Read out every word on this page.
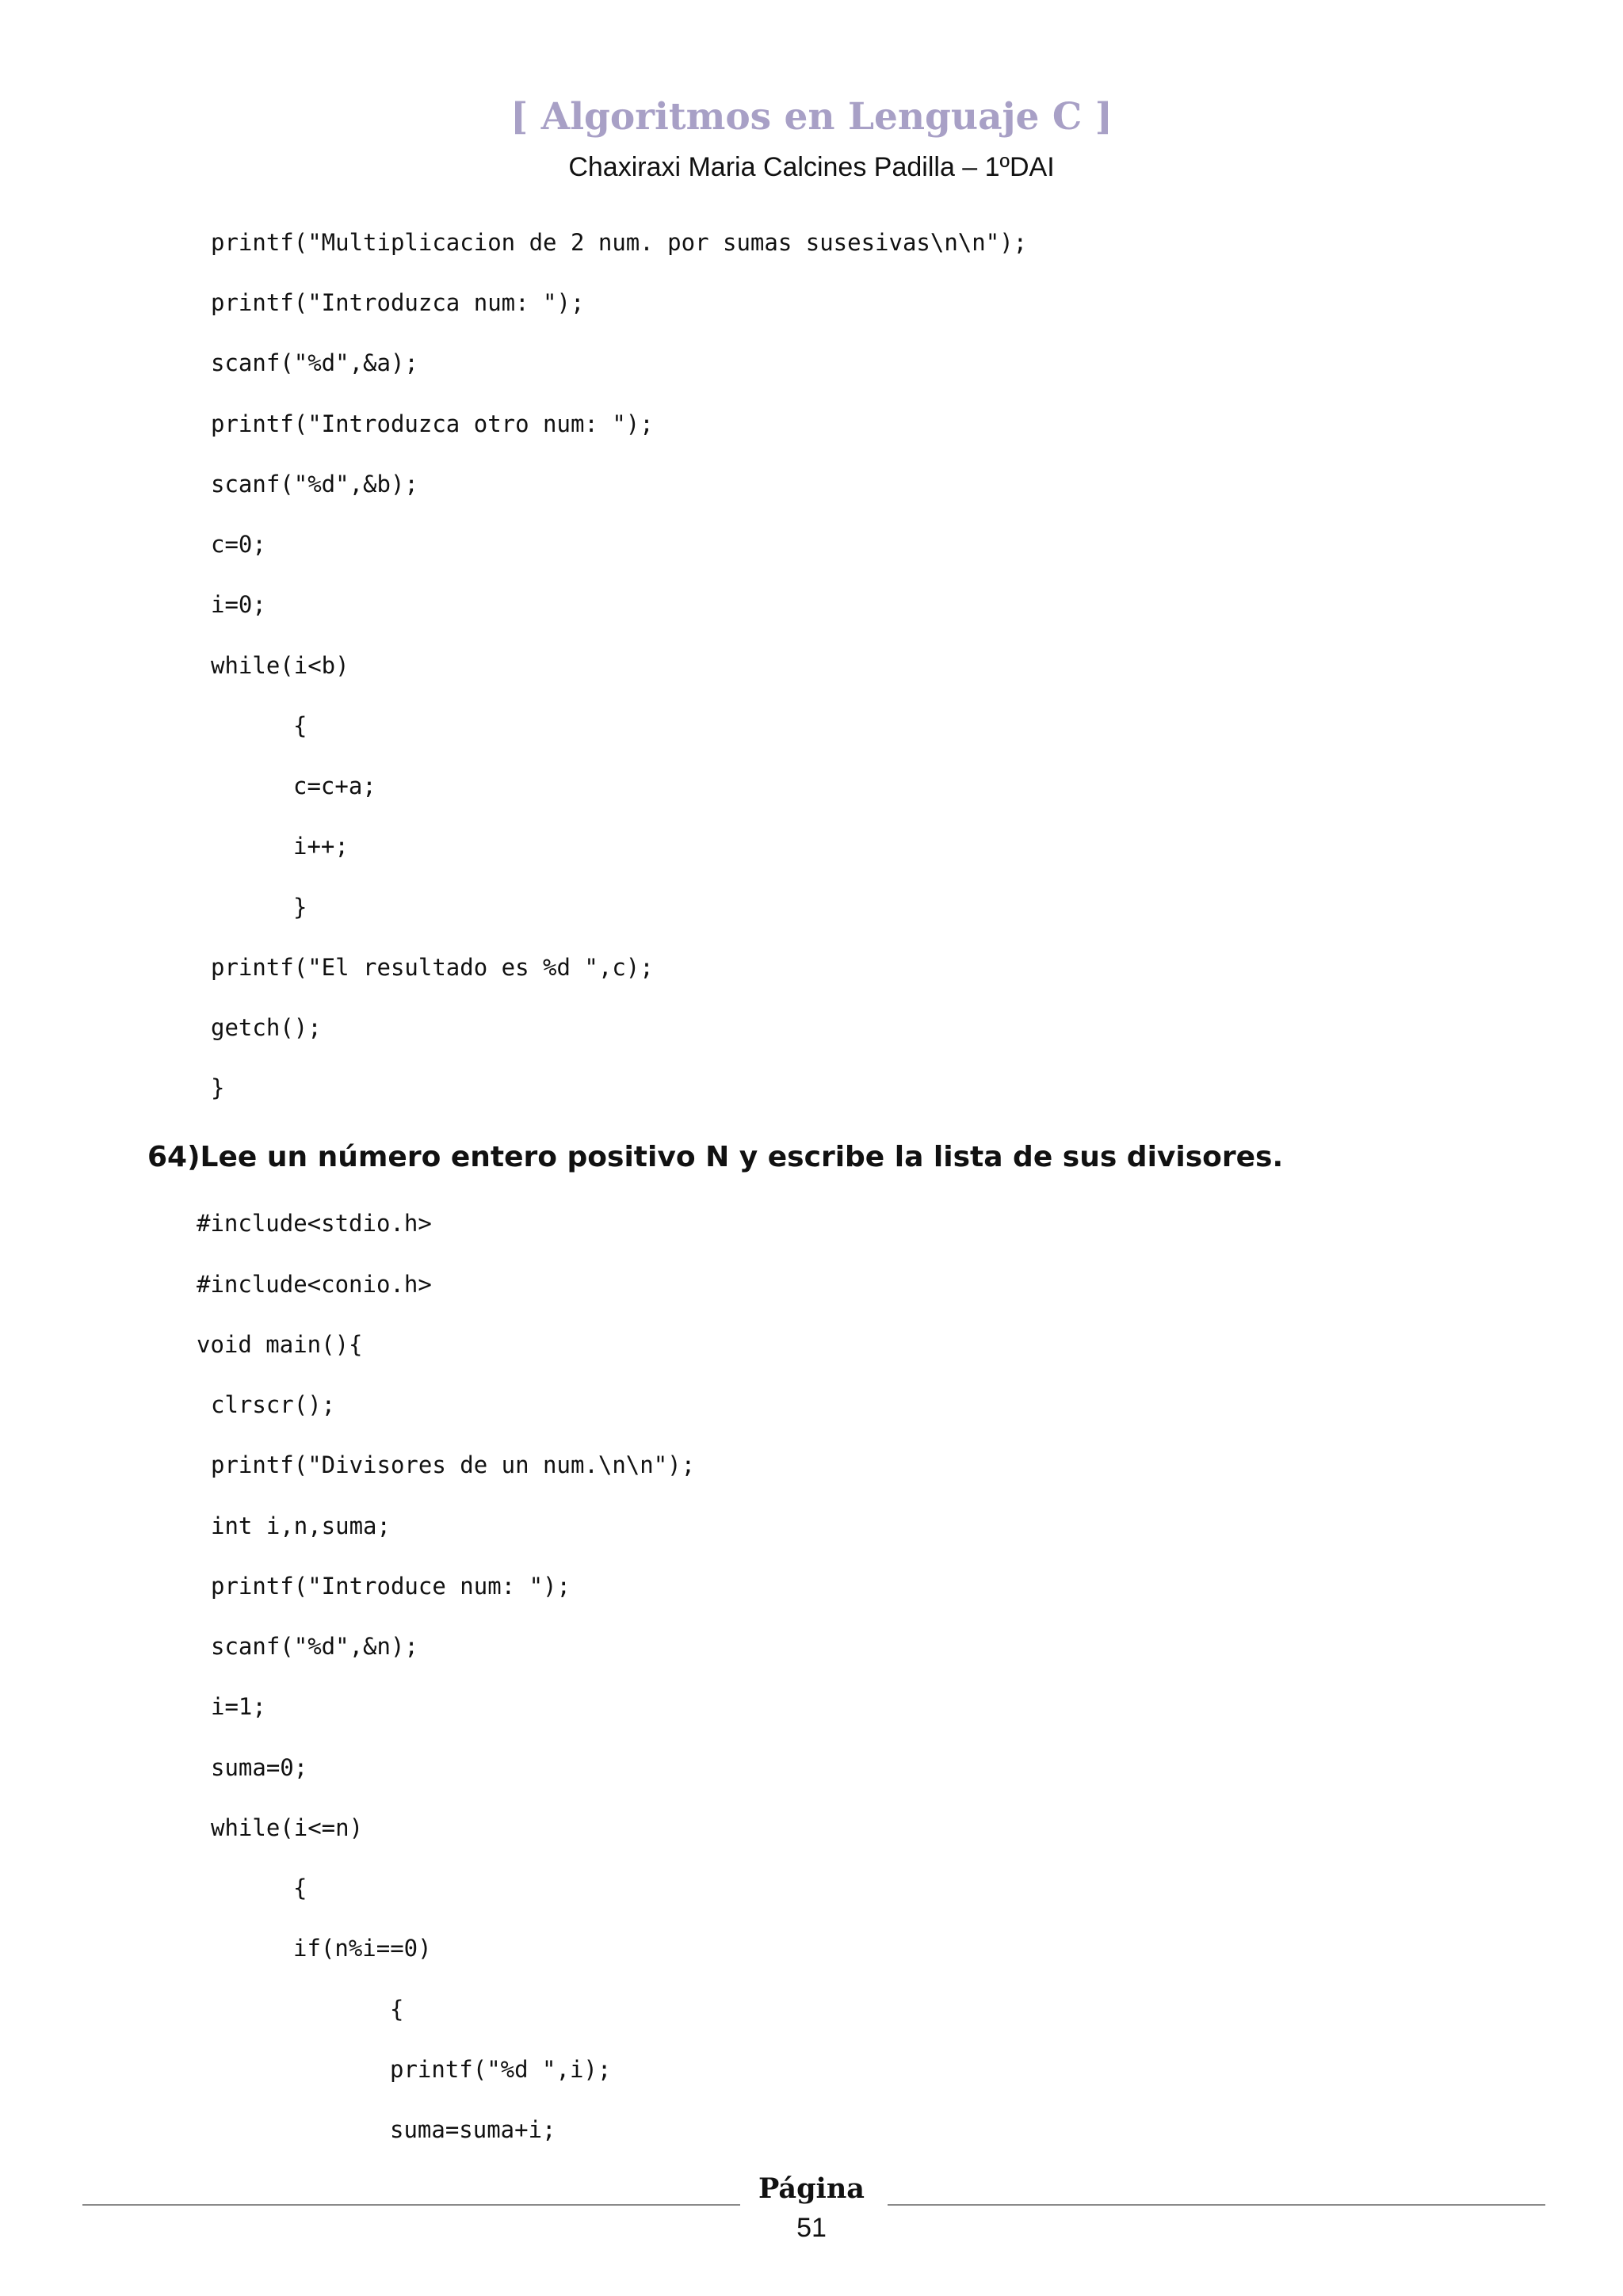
[ Algoritmos en Lenguaje C ]
Chaxiraxi Maria Calcines Padilla – 1ºDAI
printf("Multiplicacion de 2 num. por sumas susesivas\n\n");
printf("Introduzca num: ");
scanf("%d",&a);
printf("Introduzca otro num: ");
scanf("%d",&b);
c=0;
i=0;
while(i<b)
{
c=c+a;
i++;
}
printf("El resultado es %d ",c);
getch();
}
64)Lee un número entero positivo N y escribe la lista de sus divisores.
#include<stdio.h>
#include<conio.h>
void main(){
clrscr();
printf("Divisores de un num.\n\n");
int i,n,suma;
printf("Introduce num: ");
scanf("%d",&n);
i=1;
suma=0;
while(i<=n)
{
if(n%i==0)
{
printf("%d ",i);
suma=suma+i;
Página
51
